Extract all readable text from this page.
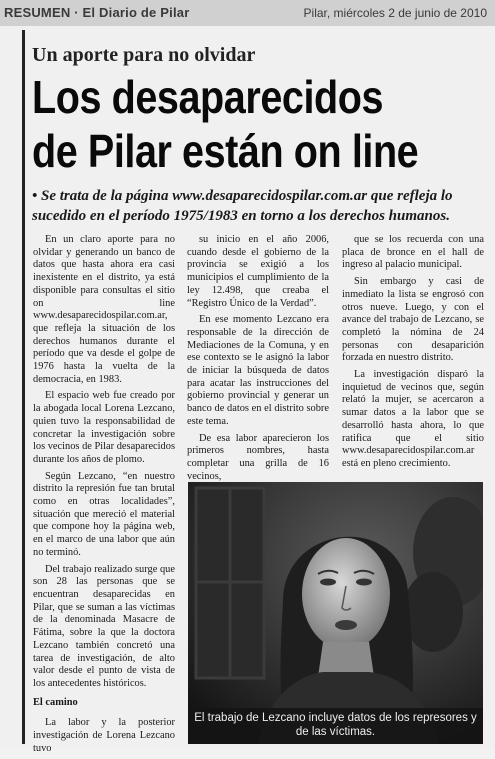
RESUMEN · El Diario de Pilar	Pilar, miércoles 2 de junio de 2010
Un aporte para no olvidar
Los desaparecidos
de Pilar están on line
• Se trata de la página www.desaparecidospilar.com.ar que refleja lo sucedido en el período 1975/1983 en torno a los derechos humanos.

En un claro aporte para no olvidar y generando un banco de datos que hasta ahora era casi inexistente en el distrito, ya está disponible para consultas el sitio on line www.desaparecidospilar.com.ar, que refleja la situación de los derechos humanos durante el período que va desde el golpe de 1976 hasta la vuelta de la democracia, en 1983.

El espacio web fue creado por la abogada local Lorena Lezcano, quien tuvo la responsabilidad de concretar la investigación sobre los vecinos de Pilar desaparecidos durante los años de plomo.

Según Lezcano, “en nuestro distrito la represión fue tan brutal como en otras localidades”, situación que mereció el material que compone hoy la página web, en el marco de una labor que aún no terminó.

Del trabajo realizado surge que son 28 las personas que se encuentran desaparecidas en Pilar, que se suman a las víctimas de la denominada Masacre de Fátima, sobre la que la doctora Lezcano también concretó una tarea de investigación, de alto valor desde el punto de vista de los antecedentes históricos.

El camino

La labor y la posterior investigación de Lorena Lezcano tuvo

su inicio en el año 2006, cuando desde el gobierno de la provincia se exigió a los municipios el cumplimiento de la ley 12.498, que creaba el “Registro Único de la Verdad”.

En ese momento Lezcano era responsable de la dirección de Mediaciones de la Comuna, y en ese contexto se le asignó la labor de iniciar la búsqueda de datos para acatar las instrucciones del gobierno provincial y generar un banco de datos en el distrito sobre este tema.

De esa labor aparecieron los primeros nombres, hasta completar una grilla de 16 vecinos,

que se los recuerda con una placa de bronce en el hall de ingreso al palacio municipal.

Sin embargo y casi de inmediato la lista se engrosó con otros nueve. Luego, y con el avance del trabajo de Lezcano, se completó la nómina de 24 personas con desaparición forzada en nuestro distrito.

La investigación disparó la inquietud de vecinos que, según relató la mujer, se acercaron a sumar datos a la labor que se desarrolló hasta ahora, lo que ratifica que el sitio www.desaparecidospilar.com.ar está en pleno crecimiento.

El trabajo de Lezcano incluye datos de los represores y de las víctimas.
